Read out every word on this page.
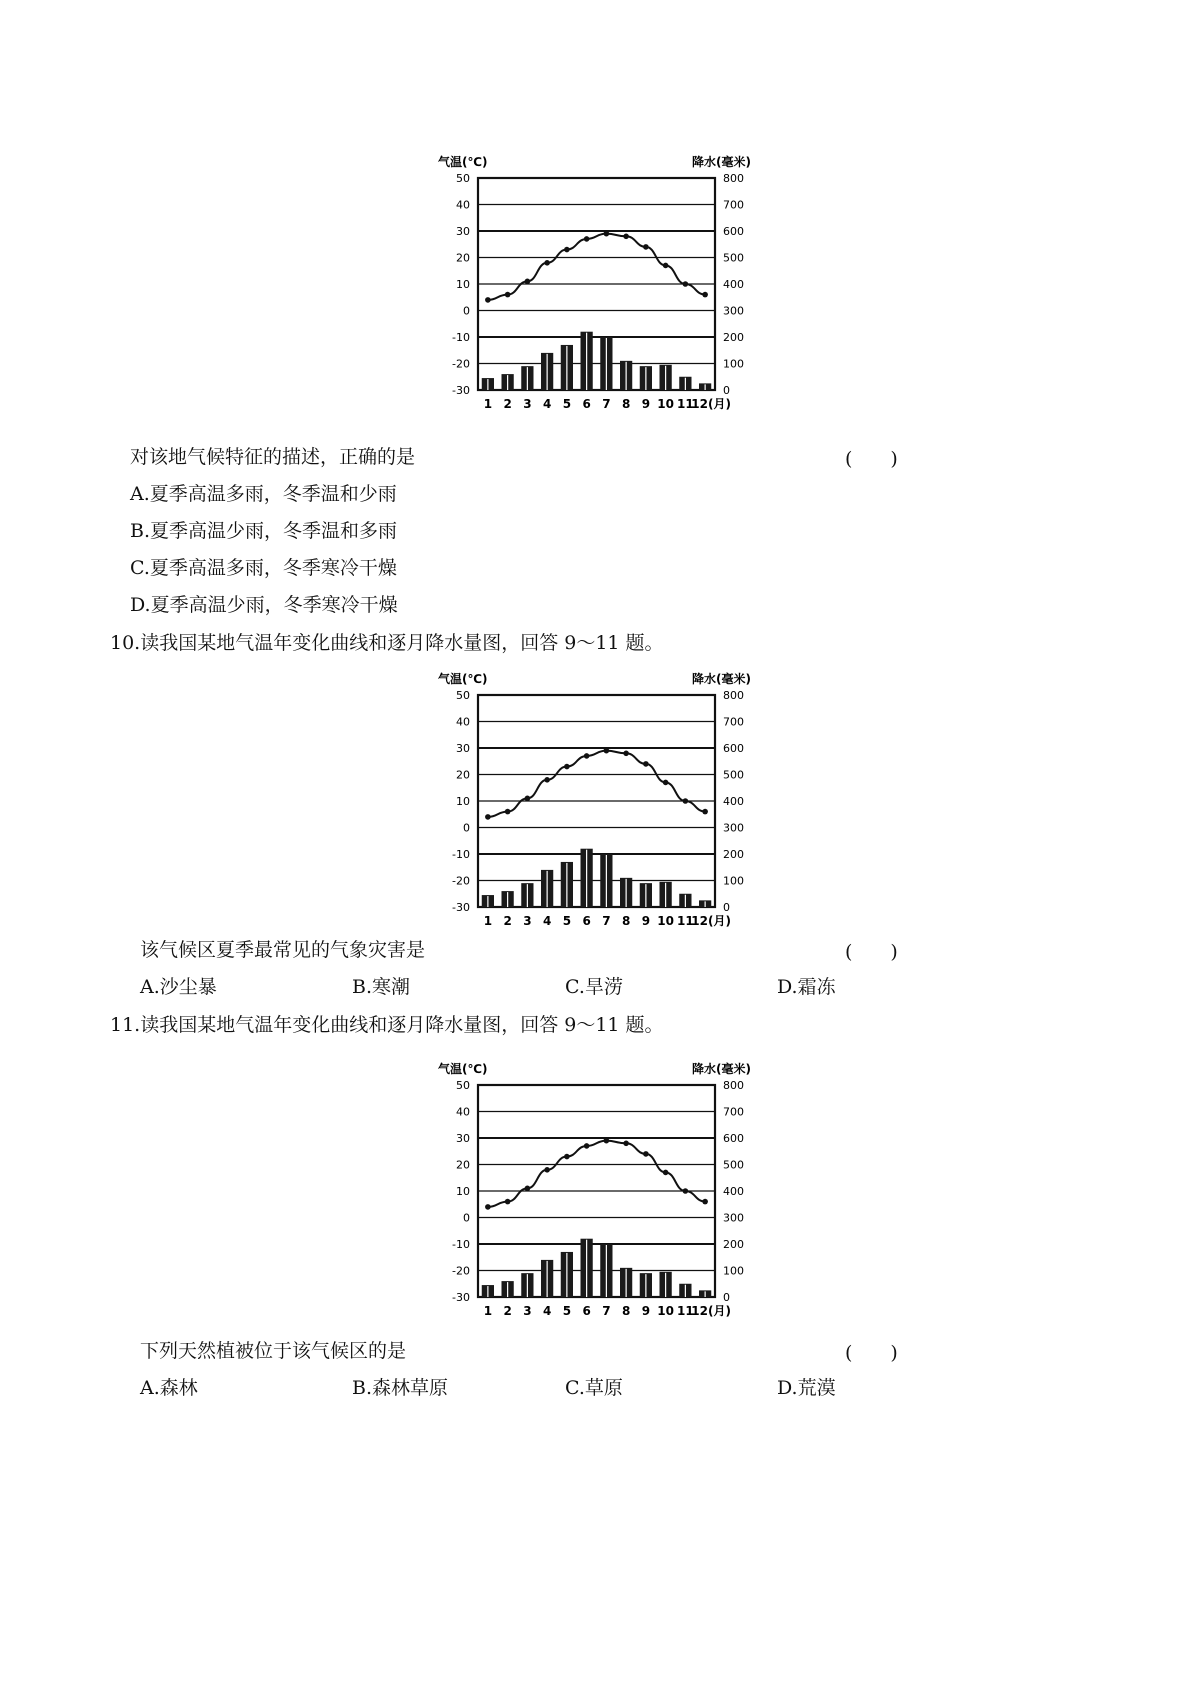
气温(℃)	降水(毫米)
50
40
30
20
10
0
-10
-20
-30
800
700
600
500
400
300
200
100
0
1 2 3 4 5 6 7 8 9 10 11
12(月)
对该地气候特征的描述，正确的是	(　　)
A.夏季高温多雨，冬季温和少雨
B.夏季高温少雨，冬季温和多雨
C.夏季高温多雨，冬季寒冷干燥
D.夏季高温少雨，冬季寒冷干燥
10.读我国某地气温年变化曲线和逐月降水量图，回答 9～11 题。
气温(℃)	降水(毫米)
50
40
30
20
10
0
-10
-20
-30
800
700
600
500
400
300
200
100
0
1 2 3 4 5 6 7 8 9 10 11
12(月)
该气候区夏季最常见的气象灾害是	(　　)
A.沙尘暴	B.寒潮	C.旱涝	D.霜冻
11.读我国某地气温年变化曲线和逐月降水量图，回答 9～11 题。
气温(℃)	降水(毫米)
50
40
30
20
10
0
-10
-20
-30
800
700
600
500
400
300
200
100
0
1 2 3 4 5 6 7 8 9 10 11
12(月)
下列天然植被位于该气候区的是	(　　)
A.森林	B.森林草原	C.草原	D.荒漠
